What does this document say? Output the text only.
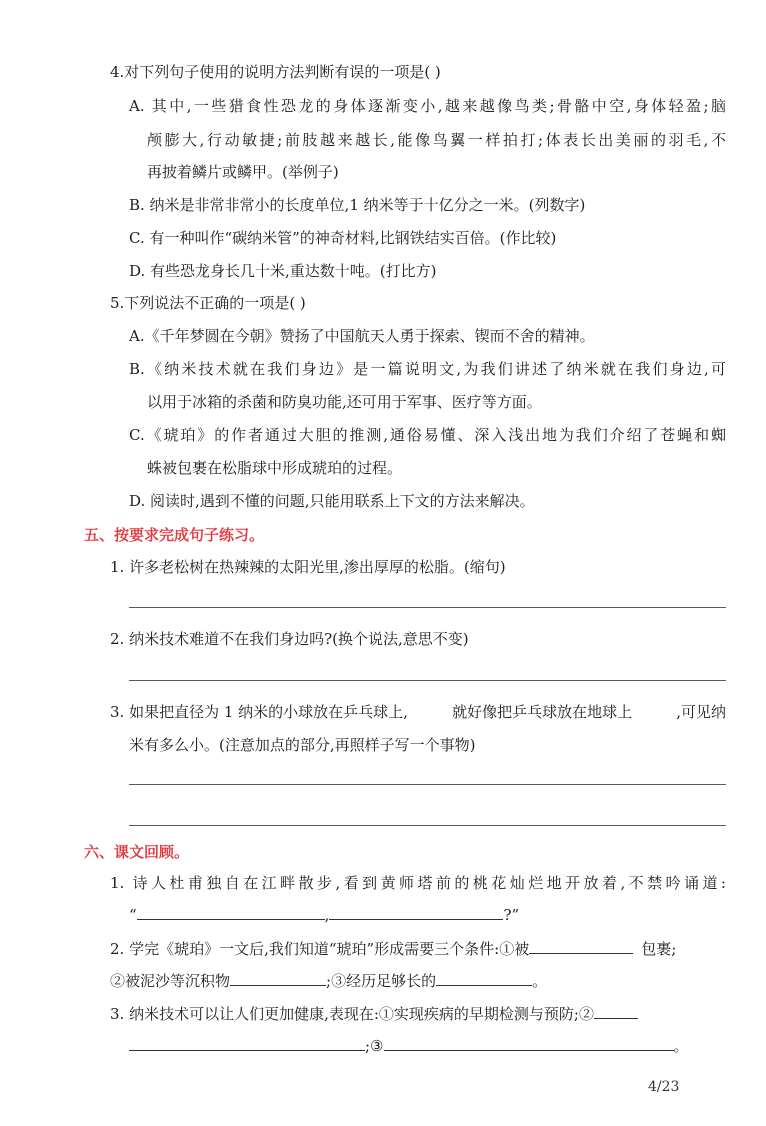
4.对下列句子使用的说明方法判断有误的一项是( )
A. 其中,一些猎食性恐龙的身体逐渐变小,越来越像鸟类;骨骼中空,身体轻盈;脑
颅膨大,行动敏捷;前肢越来越长,能像鸟翼一样拍打;体表长出美丽的羽毛,不
再披着鳞片或鳞甲。(举例子)
B. 纳米是非常非常小的长度单位,1 纳米等于十亿分之一米。(列数字)
C. 有一种叫作“碳纳米管”的神奇材料,比钢铁结实百倍。(作比较)
D. 有些恐龙身长几十米,重达数十吨。(打比方)
5.下列说法不正确的一项是( )
A.《千年梦圆在今朝》赞扬了中国航天人勇于探索、锲而不舍的精神。
B.《纳米技术就在我们身边》是一篇说明文,为我们讲述了纳米就在我们身边,可
以用于冰箱的杀菌和防臭功能,还可用于军事、医疗等方面。
C.《琥珀》的作者通过大胆的推测,通俗易懂、深入浅出地为我们介绍了苍蝇和蜘
蛛被包裹在松脂球中形成琥珀的过程。
D. 阅读时,遇到不懂的问题,只能用联系上下文的方法来解决。
五、按要求完成句子练习。
1. 许多老松树在热辣辣的太阳光里,渗出厚厚的松脂。(缩句)
2. 纳米技术难道不在我们身边吗?(换个说法,意思不变)
3. 如果把直径为 1 纳米的小球放在乒乓球上,	就好像把乒乓球放在地球上	,可见纳
米有多么小。(注意加点的部分,再照样子写一个事物)
六、课文回顾。
1. 诗人杜甫独自在江畔散步,看到黄师塔前的桃花灿烂地开放着,不禁吟诵道:
“	,	?”
2. 学完《琥珀》一文后,我们知道“琥珀”形成需要三个条件:①被	包裹;
②被泥沙等沉积物	;③经历足够长的	。
3. 纳米技术可以让人们更加健康,表现在:①实现疾病的早期检测与预防;②
;③	。
4/23
